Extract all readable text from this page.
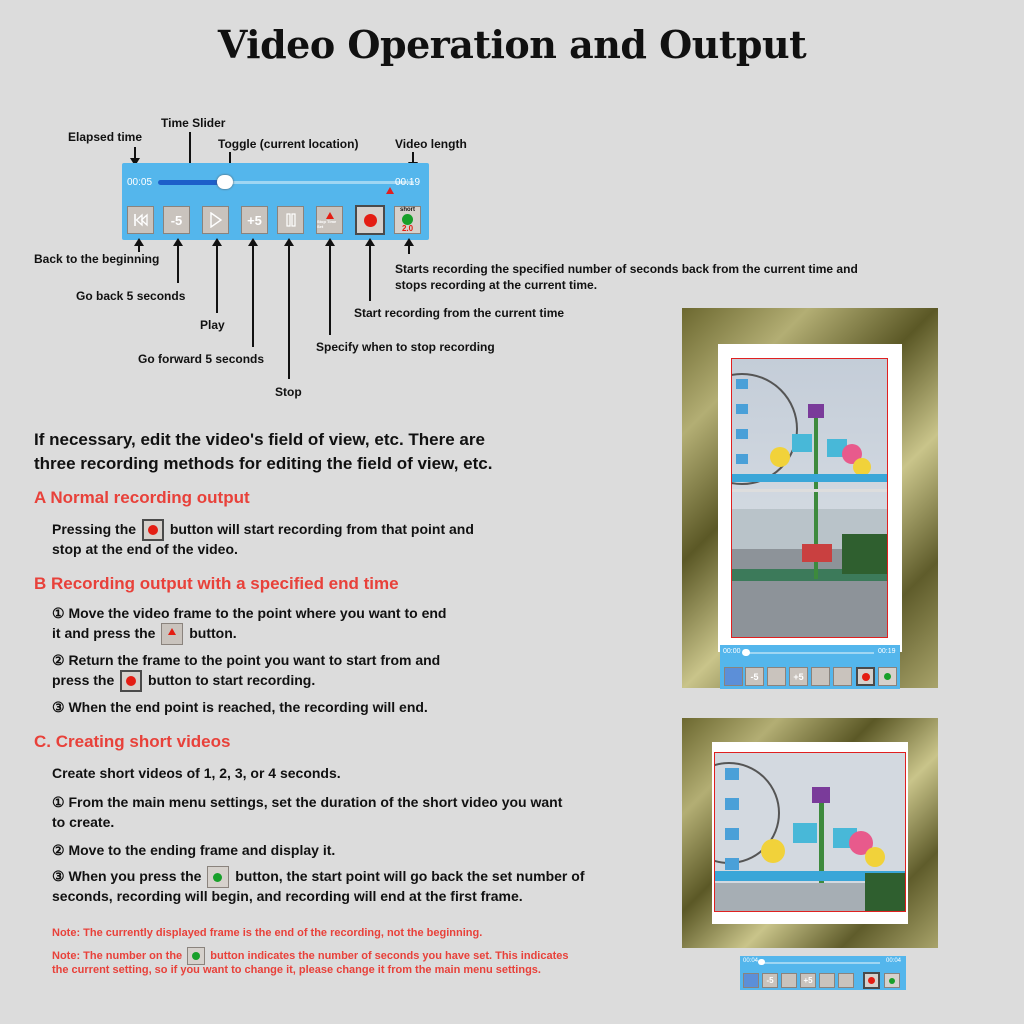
Video Operation and Output
Elapsed time
Time Slider
Toggle (current location)	Video length
00:05	00:19
-5	+5	Stop Time Set
short
2.0
Back to the beginning
Go back 5 seconds
Play
Go forward 5 seconds
Stop
Specify when to stop recording
Start recording from the current time
Starts recording the specified number of seconds back from the current time and stops recording at the current time.
If necessary, edit the video's field of view, etc. There are
three recording methods for editing the field of view, etc.
A Normal recording output
Pressing the button will start recording from that point and
stop at the end of the video.
B Recording output with a specified end time
① Move the video frame to the point where you want to end
it and press the button.
② Return the frame to the point you want to start from and
press the button to start recording.
③ When the end point is reached, the recording will end.
C. Creating short videos
Create short videos of 1, 2, 3, or 4 seconds.
① From the main menu settings, set the duration of the short video you want
to create.
② Move to the ending frame and display it.
③ When you press the button, the start point will go back the set number of
seconds, recording will begin, and recording will end at the first frame.
Note: The currently displayed frame is the end of the recording, not the beginning.
Note: The number on the	button indicates the number of seconds you have set. This indicates
the current setting, so if you want to change it, please change it from the main menu settings.
00:00	00:19
-5	+5
00:04	00:04
-5	+5
